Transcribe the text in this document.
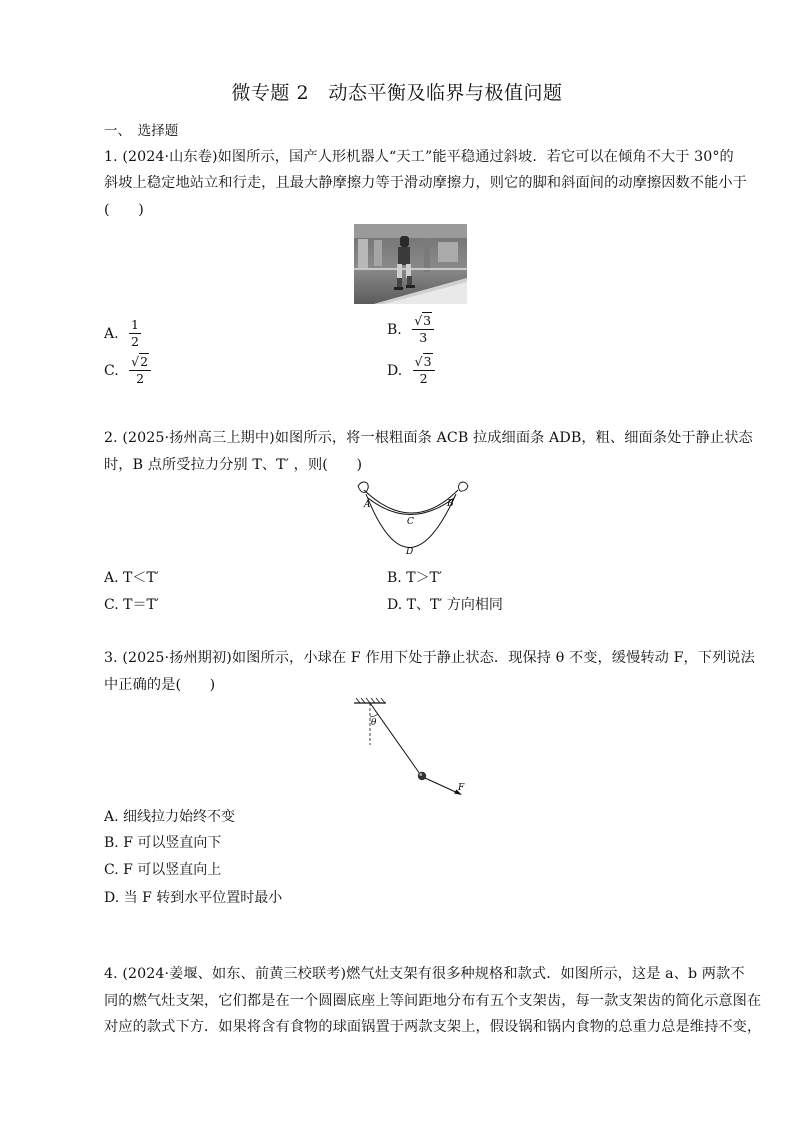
微专题 2　动态平衡及临界与极值问题
一、　选择题
1. (2024·山东卷)如图所示，国产人形机器人“天工”能平稳通过斜坡．若它可以在倾角不大于 30°的
斜坡上稳定地站立和行走，且最大静摩擦力等于滑动摩擦力，则它的脚和斜面间的动摩擦因数不能小于
(　　)
A. $\frac{1}{2}$	B. $\frac{√3}{3}$
C. $\frac{√2}{2}$	D. $\frac{√3}{2}$
2. (2025·扬州高三上期中)如图所示，将一根粗面条 ACB 拉成细面条 ADB，粗、细面条处于静止状态
时，B 点所受拉力分别 T、T′ ，则(　　)
A	B
C
D
A. T＜T′	B. T＞T′
C. T＝T′	D. T、T′ 方向相同
3. (2025·扬州期初)如图所示，小球在 F 作用下处于静止状态．现保持 θ 不变，缓慢转动 F，下列说法
中正确的是(　　)
θ
F
A. 细线拉力始终不变
B. F 可以竖直向下
C. F 可以竖直向上
D. 当 F 转到水平位置时最小
4. (2024·姜堰、如东、前黄三校联考)燃气灶支架有很多种规格和款式．如图所示，这是 a、b 两款不
同的燃气灶支架，它们都是在一个圆圈底座上等间距地分布有五个支架齿，每一款支架齿的简化示意图在
对应的款式下方．如果将含有食物的球面锅置于两款支架上，假设锅和锅内食物的总重力总是维持不变，
